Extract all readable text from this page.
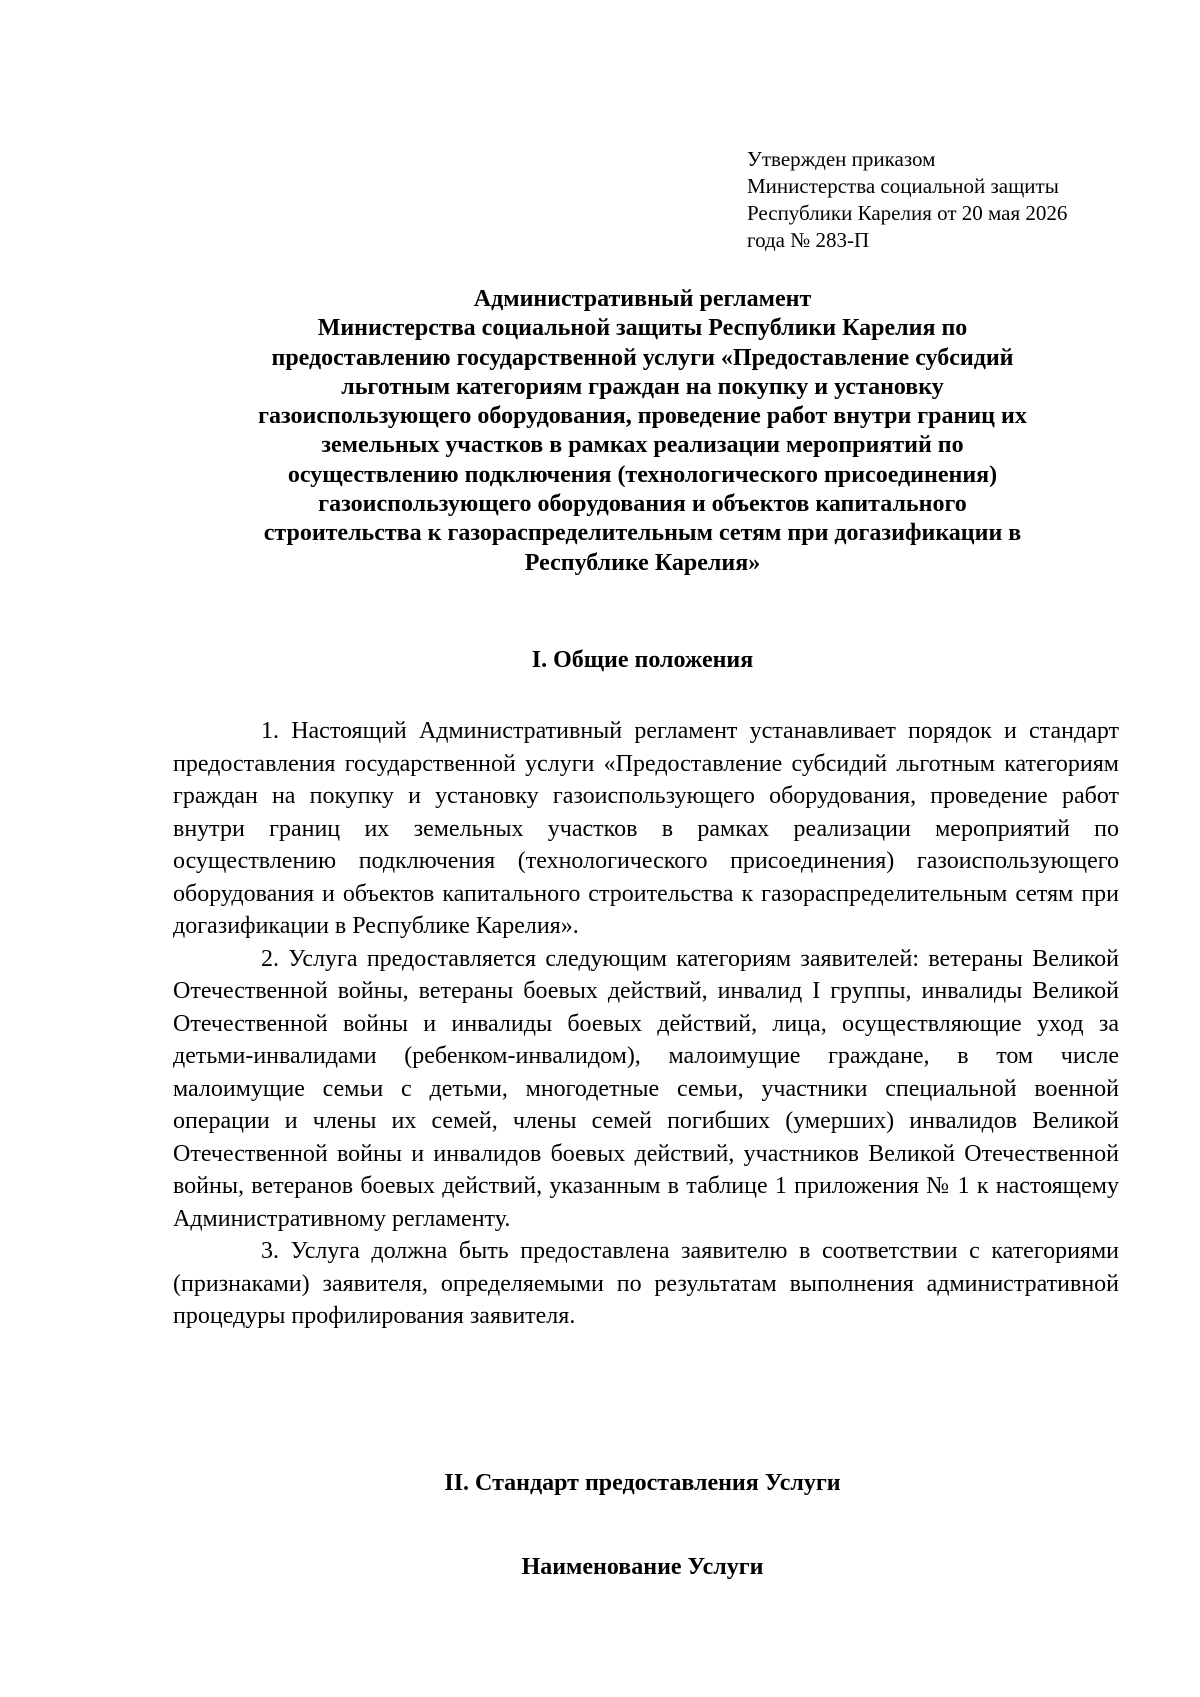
Утвержден приказом
Министерства социальной защиты
Республики Карелия от 20 мая 2026
года № 283-П
Административный регламент
Министерства социальной защиты Республики Карелия по
предоставлению государственной услуги «Предоставление субсидий
льготным категориям граждан на покупку и установку
газоиспользующего оборудования, проведение работ внутри границ их
земельных участков в рамках реализации мероприятий по
осуществлению подключения (технологического присоединения)
газоиспользующего оборудования и объектов капитального
строительства к газораспределительным сетям при догазификации в
Республике Карелия»
I. Общие положения

1. Настоящий Административный регламент устанавливает порядок и стандарт предоставления государственной услуги «Предоставление субсидий льготным категориям граждан на покупку и установку газоиспользующего оборудования, проведение работ внутри границ их земельных участков в рамках реализации мероприятий по осуществлению подключения (технологического присоединения) газоиспользующего оборудования и объектов капитального строительства к газораспределительным сетям при догазификации в Республике Карелия».

2. Услуга предоставляется следующим категориям заявителей: ветераны Великой Отечественной войны, ветераны боевых действий, инвалид I группы, инвалиды Великой Отечественной войны и инвалиды боевых действий, лица, осуществляющие уход за детьми-инвалидами (ребенком-инвалидом), малоимущие граждане, в том числе малоимущие семьи с детьми, многодетные семьи, участники специальной военной операции и члены их семей, члены семей погибших (умерших) инвалидов Великой Отечественной войны и инвалидов боевых действий, участников Великой Отечественной войны, ветеранов боевых действий, указанным в таблице 1 приложения № 1 к настоящему Административному регламенту.

3. Услуга должна быть предоставлена заявителю в соответствии с категориями (признаками) заявителя, определяемыми по результатам выполнения административной процедуры профилирования заявителя.

II. Стандарт предоставления Услуги
Наименование Услуги
